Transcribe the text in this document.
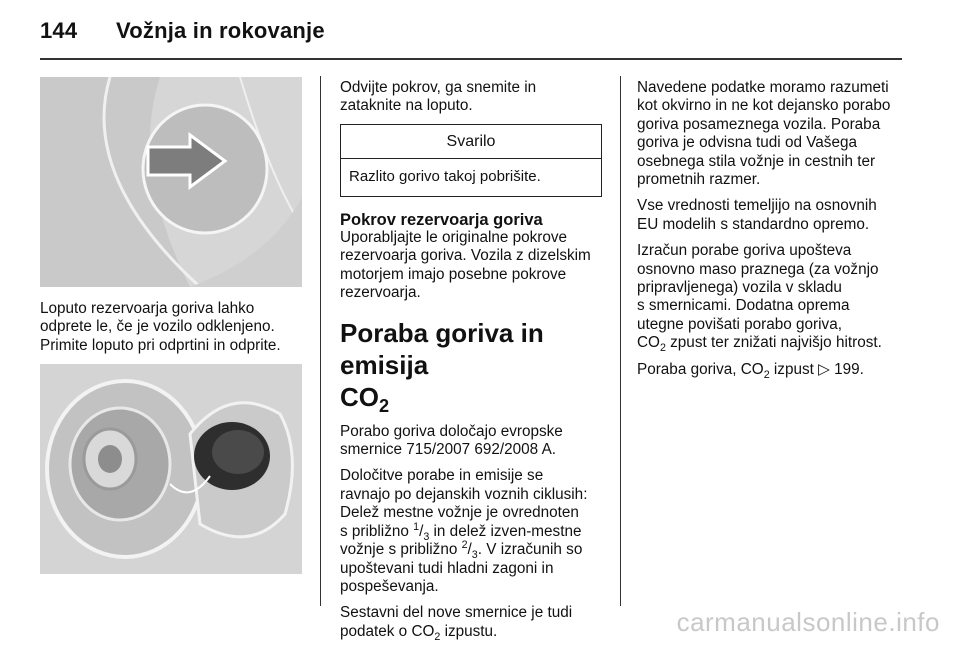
144 Vožnja in rokovanje

Loputo rezervoarja goriva lahko
odprete le, če je vozilo odklenjeno.
Primite loputo pri odprtini in odprite.

Odvijte pokrov, ga snemite in
zataknite na loputo.

Svarilo
Razlito gorivo takoj pobrišite.
Pokrov rezervoarja goriva

Uporabljajte le originalne pokrove
rezervoarja goriva. Vozila z dizelskim
motorjem imajo posebne pokrove
rezervoarja.

Poraba goriva in emisija
$CO_2$

Porabo goriva določajo evropske
smernice 715/2007 692/2008 A.

Določitve porabe in emisije se
ravnajo po dejanskih voznih ciklusih:
Delež mestne vožnje je ovrednoten
s približno $^1/_3$ in delež izven-mestne
vožnje s približno $^2/_3$. V izračunih so
upoštevani tudi hladni zagoni in
pospeševanja.

Sestavni del nove smernice je tudi
podatek o $CO_2$ izpustu.

Navedene podatke moramo razumeti
kot okvirno in ne kot dejansko porabo
goriva posameznega vozila. Poraba
goriva je odvisna tudi od Vašega
osebnega stila vožnje in cestnih ter
prometnih razmer.

Vse vrednosti temeljijo na osnovnih
EU modelih s standardno opremo.

Izračun porabe goriva upošteva
osnovno maso praznega (za vožnjo
pripravljenega) vozila v skladu
s smernicami. Dodatna oprema
utegne povišati porabo goriva,
$CO_2$ zpust ter znižati najvišjo hitrost.

Poraba goriva, $CO_2$ izpust ▷ 199.

carmanualsonline.info
